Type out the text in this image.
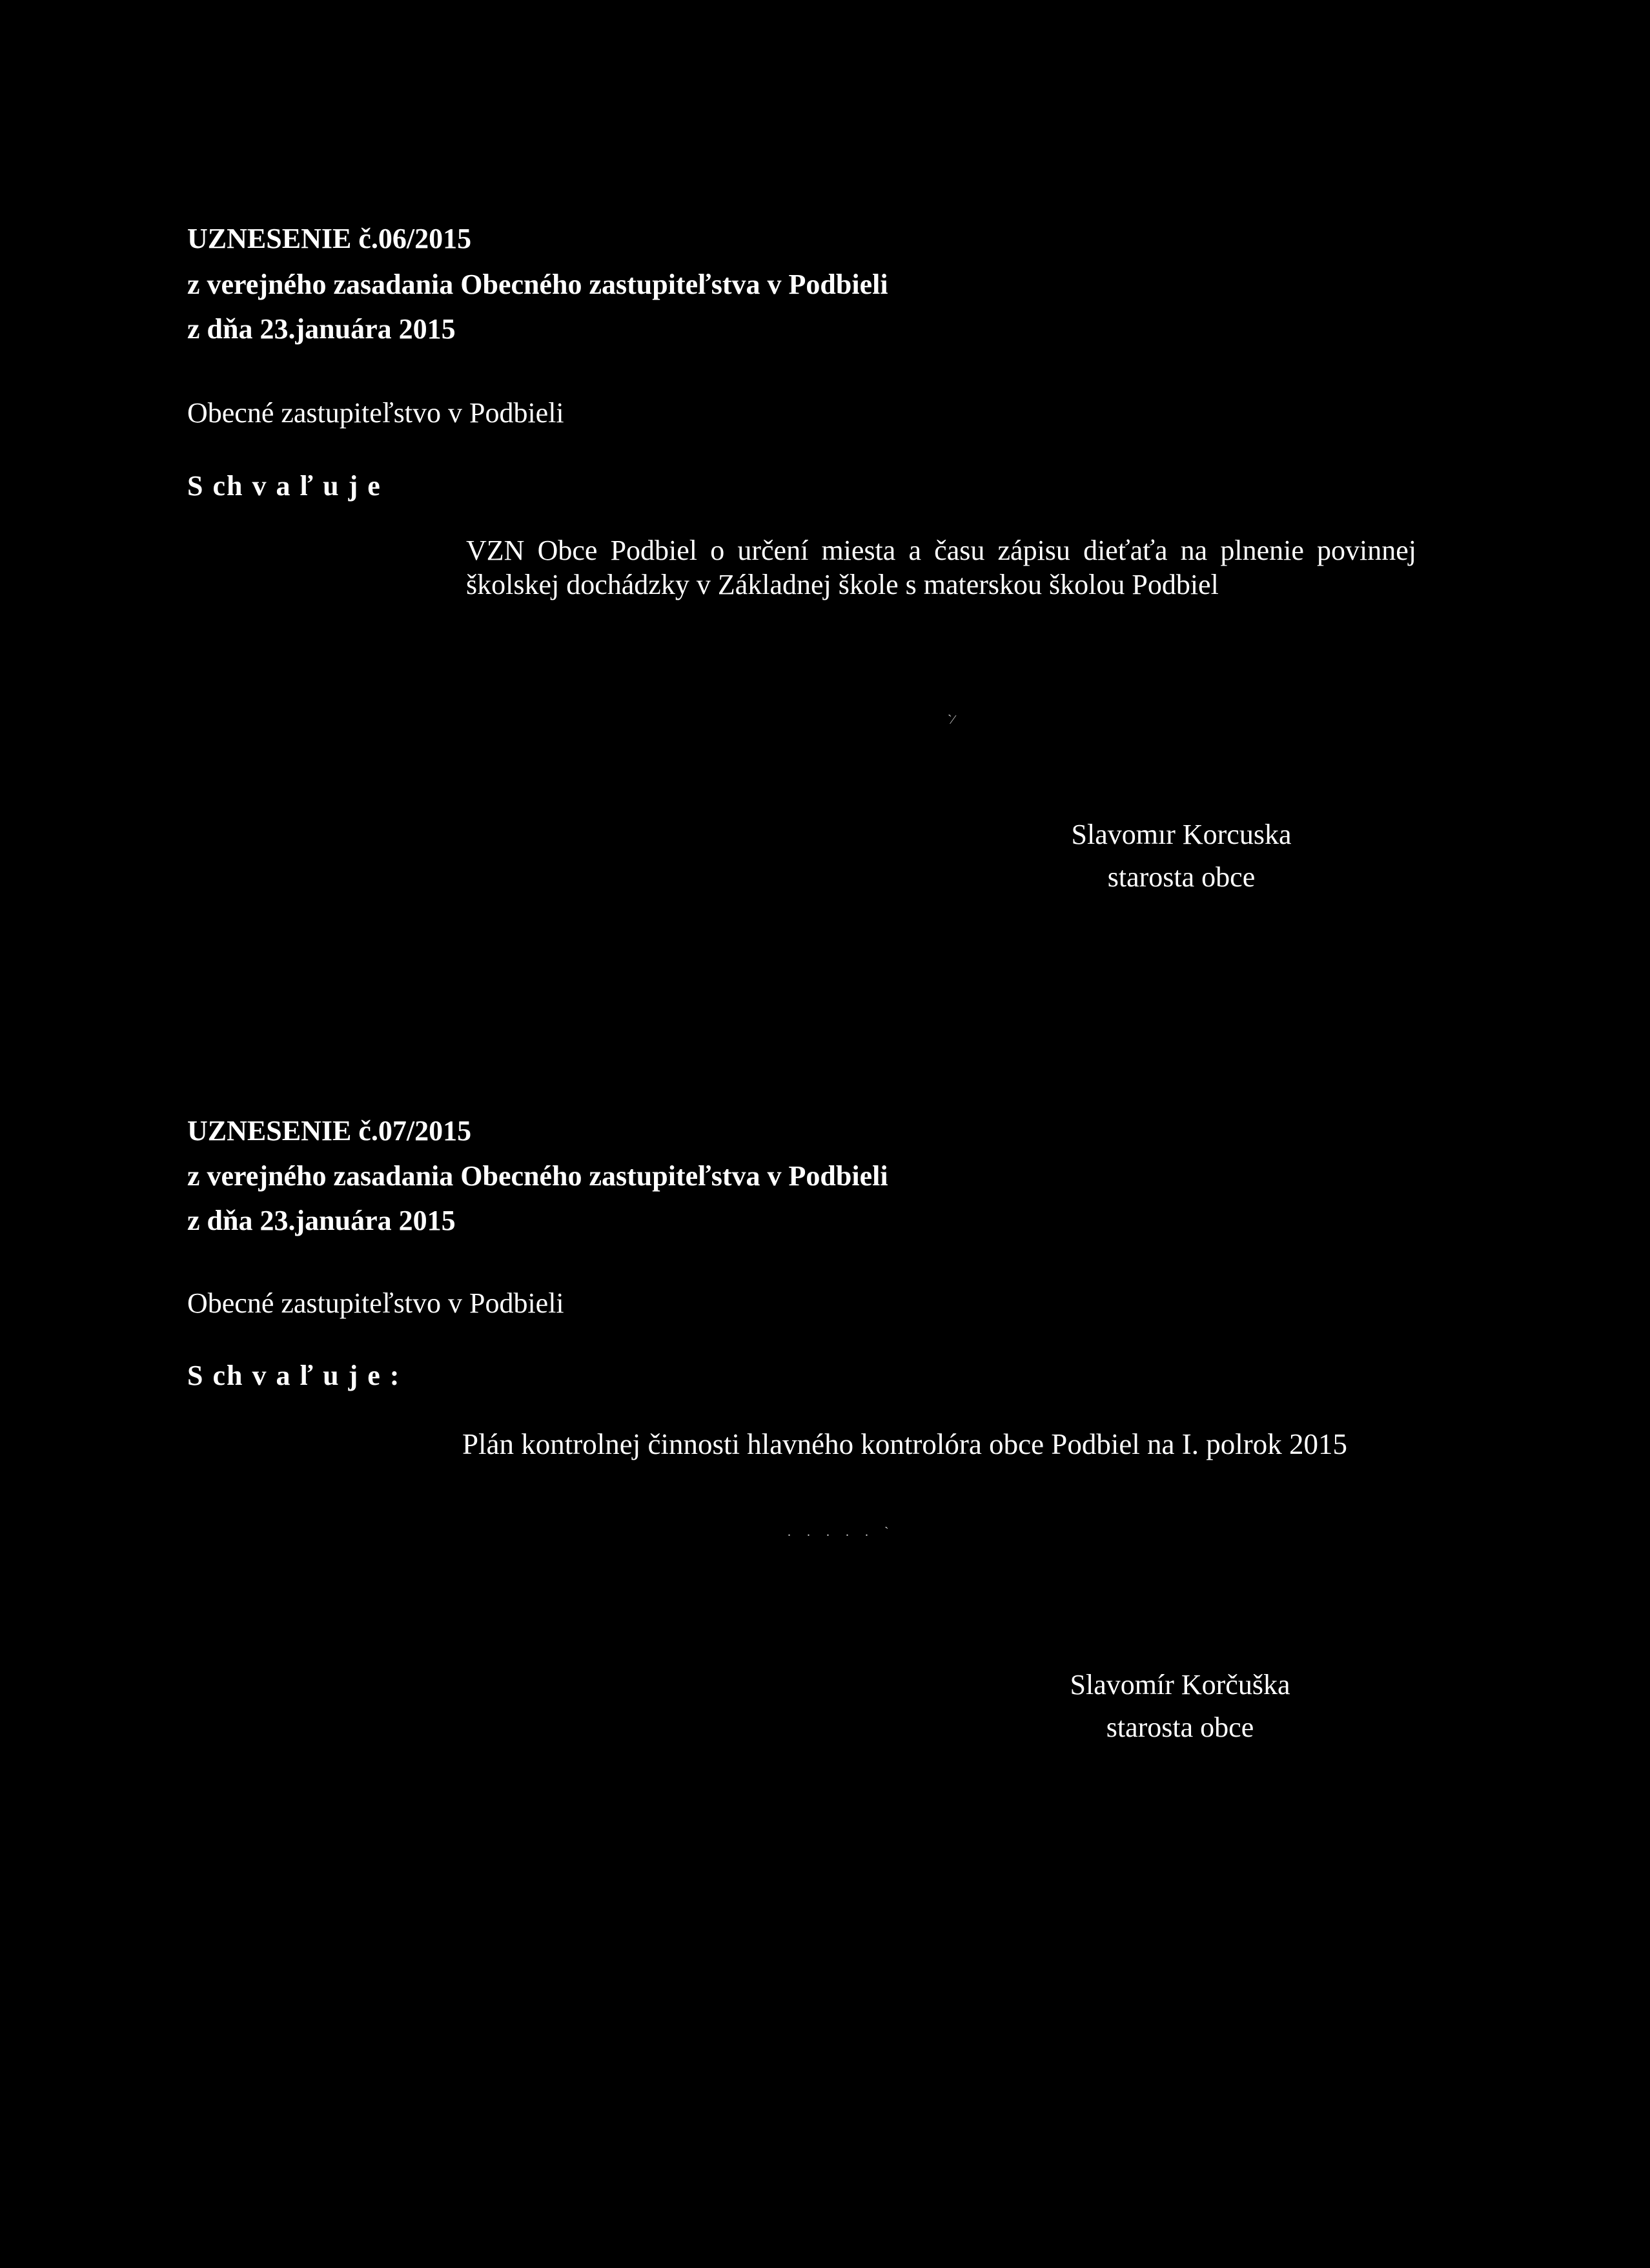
UZNESENIE č.06/2015
z verejného zasadania Obecného zastupiteľstva v Podbieli
z dňa 23.januára 2015
Obecné zastupiteľstvo v Podbieli
S ch v a ľ u j e
VZN Obce Podbiel o určení miesta a času zápisu dieťaťa na plnenie povinnej školskej dochádzky v Základnej škole s materskou školou Podbiel
ˋ⁄
Slavomır Korcuska
starosta obce
UZNESENIE č.07/2015
z verejného zasadania Obecného zastupiteľstva v Podbieli
z dňa 23.januára 2015
Obecné zastupiteľstvo v Podbieli
S ch v a ľ u j e :
Plán kontrolnej činnosti hlavného kontrolóra obce Podbiel na I. polrok 2015
. . . . . ˋ
Slavomír Korčuška
starosta obce
